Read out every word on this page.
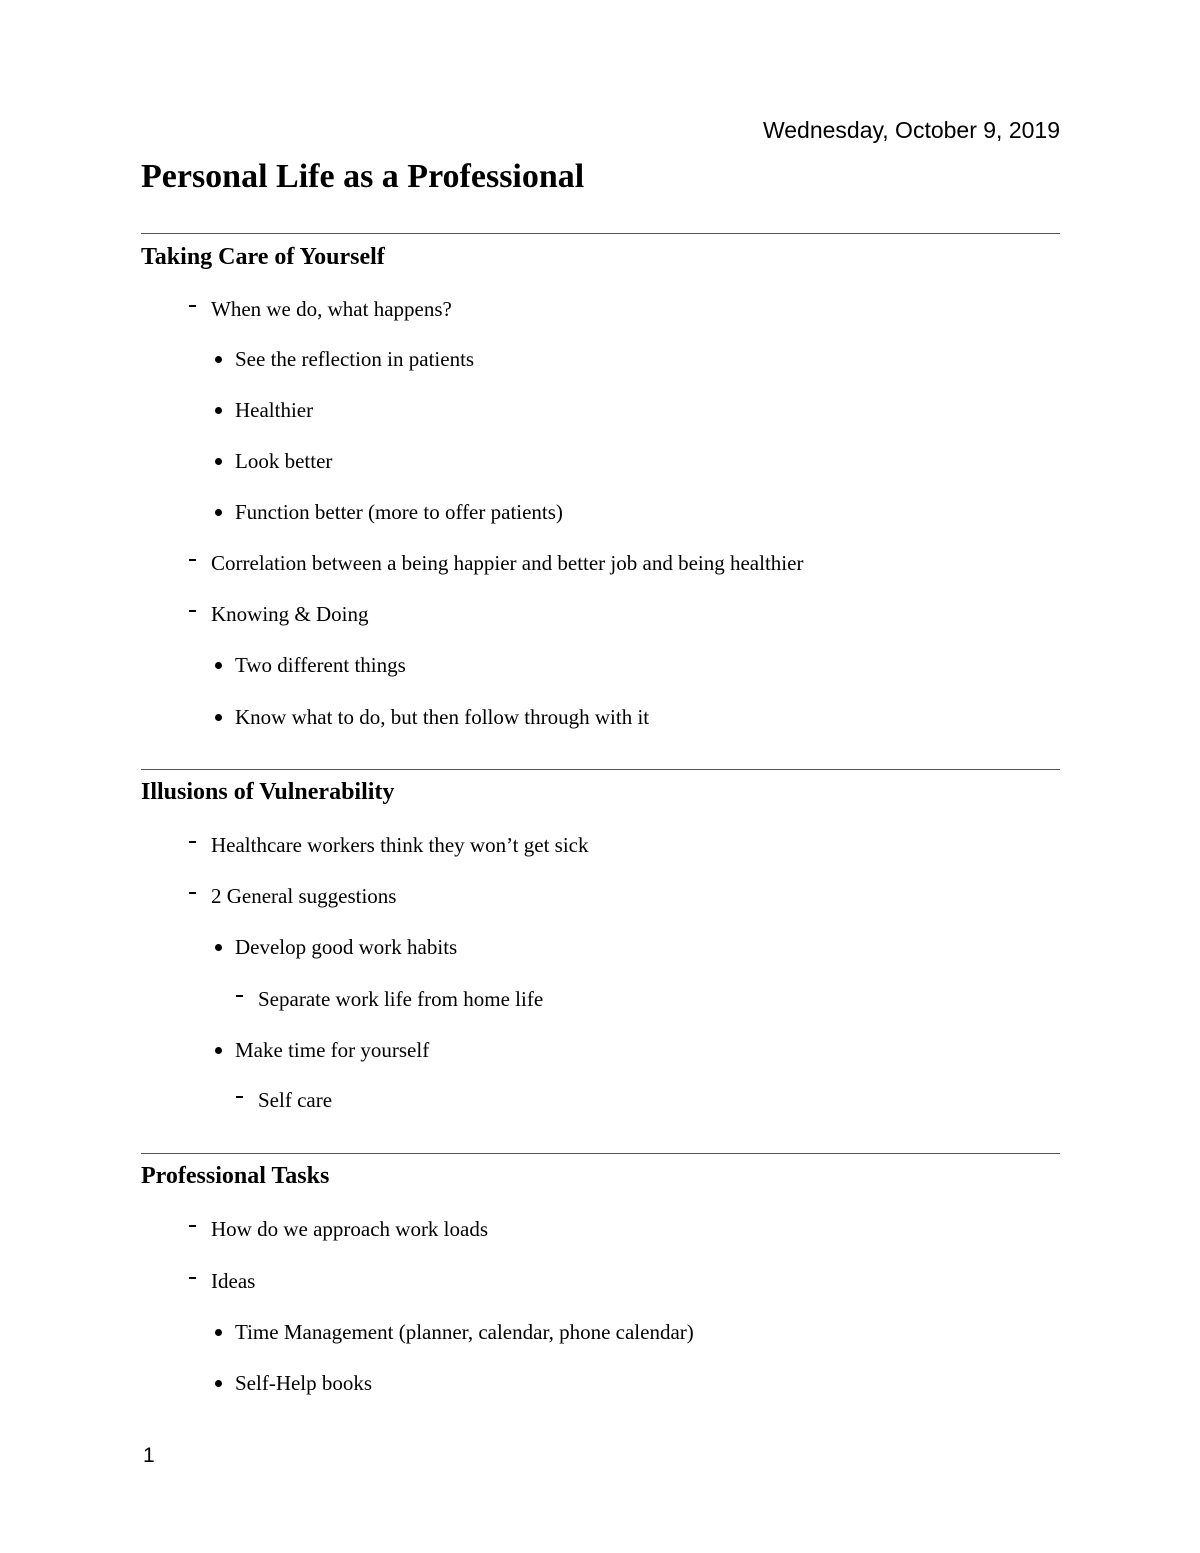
Wednesday, October 9, 2019
Personal Life as a Professional
Taking Care of Yourself
When we do, what happens?
See the reflection in patients
Healthier
Look better
Function better (more to offer patients)
Correlation between a being happier and better job and being healthier
Knowing & Doing
Two different things
Know what to do, but then follow through with it
Illusions of Vulnerability
Healthcare workers think they won’t get sick
2 General suggestions
Develop good work habits
Separate work life from home life
Make time for yourself
Self care
Professional Tasks
How do we approach work loads
Ideas
Time Management (planner, calendar, phone calendar)
Self-Help books
1
